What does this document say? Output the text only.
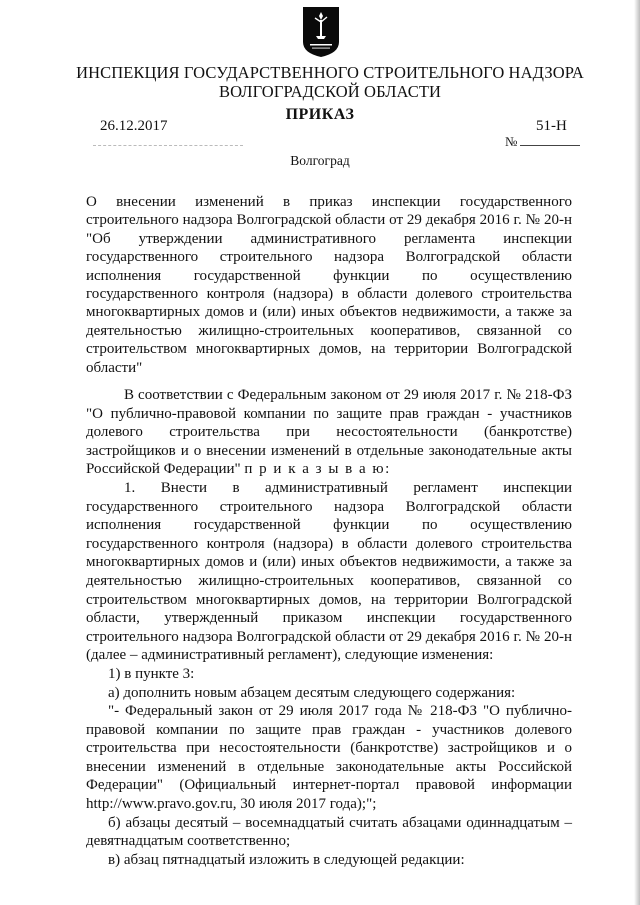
ИНСПЕКЦИЯ ГОСУДАРСТВЕННОГО СТРОИТЕЛЬНОГО НАДЗОРА
ВОЛГОГРАДСКОЙ ОБЛАСТИ
ПРИКАЗ
26.12.2017	51-Н
№
Волгоград
О внесении изменений в приказ инспекции государственного строительного надзора Волгоградской области от 29 декабря 2016 г. № 20-н "Об утверждении административного регламента инспекции государственного строительного надзора Волгоградской области исполнения государственной функции по осуществлению государственного контроля (надзора) в области долевого строительства многоквартирных домов и (или) иных объектов недвижимости, а также за деятельностью жилищно-строительных кооперативов, связанной со строительством многоквартирных домов, на территории Волгоградской области"

В соответствии с Федеральным законом от 29 июля 2017 г. № 218-ФЗ "О публично-правовой компании по защите прав граждан - участников долевого строительства при несостоятельности (банкротстве) застройщиков и о внесении изменений в отдельные законодательные акты Российской Федерации" п р и к а з ы в а ю:

1. Внести в административный регламент инспекции государственного строительного надзора Волгоградской области исполнения государственной функции по осуществлению государственного контроля (надзора) в области долевого строительства многоквартирных домов и (или) иных объектов недвижимости, а также за деятельностью жилищно-строительных кооперативов, связанной со строительством многоквартирных домов, на территории Волгоградской области, утвержденный приказом инспекции государственного строительного надзора Волгоградской области от 29 декабря 2016 г. № 20-н (далее – административный регламент), следующие изменения:

1) в пункте 3:

а) дополнить новым абзацем десятым следующего содержания:

"- Федеральный закон от 29 июля 2017 года № 218-ФЗ "О публично-правовой компании по защите прав граждан - участников долевого строительства при несостоятельности (банкротстве) застройщиков и о внесении изменений в отдельные законодательные акты Российской Федерации" (Официальный интернет-портал правовой информации http://www.pravo.gov.ru, 30 июля 2017 года);";

б) абзацы десятый – восемнадцатый считать абзацами одиннадцатым – девятнадцатым соответственно;

в) абзац пятнадцатый изложить в следующей редакции:
